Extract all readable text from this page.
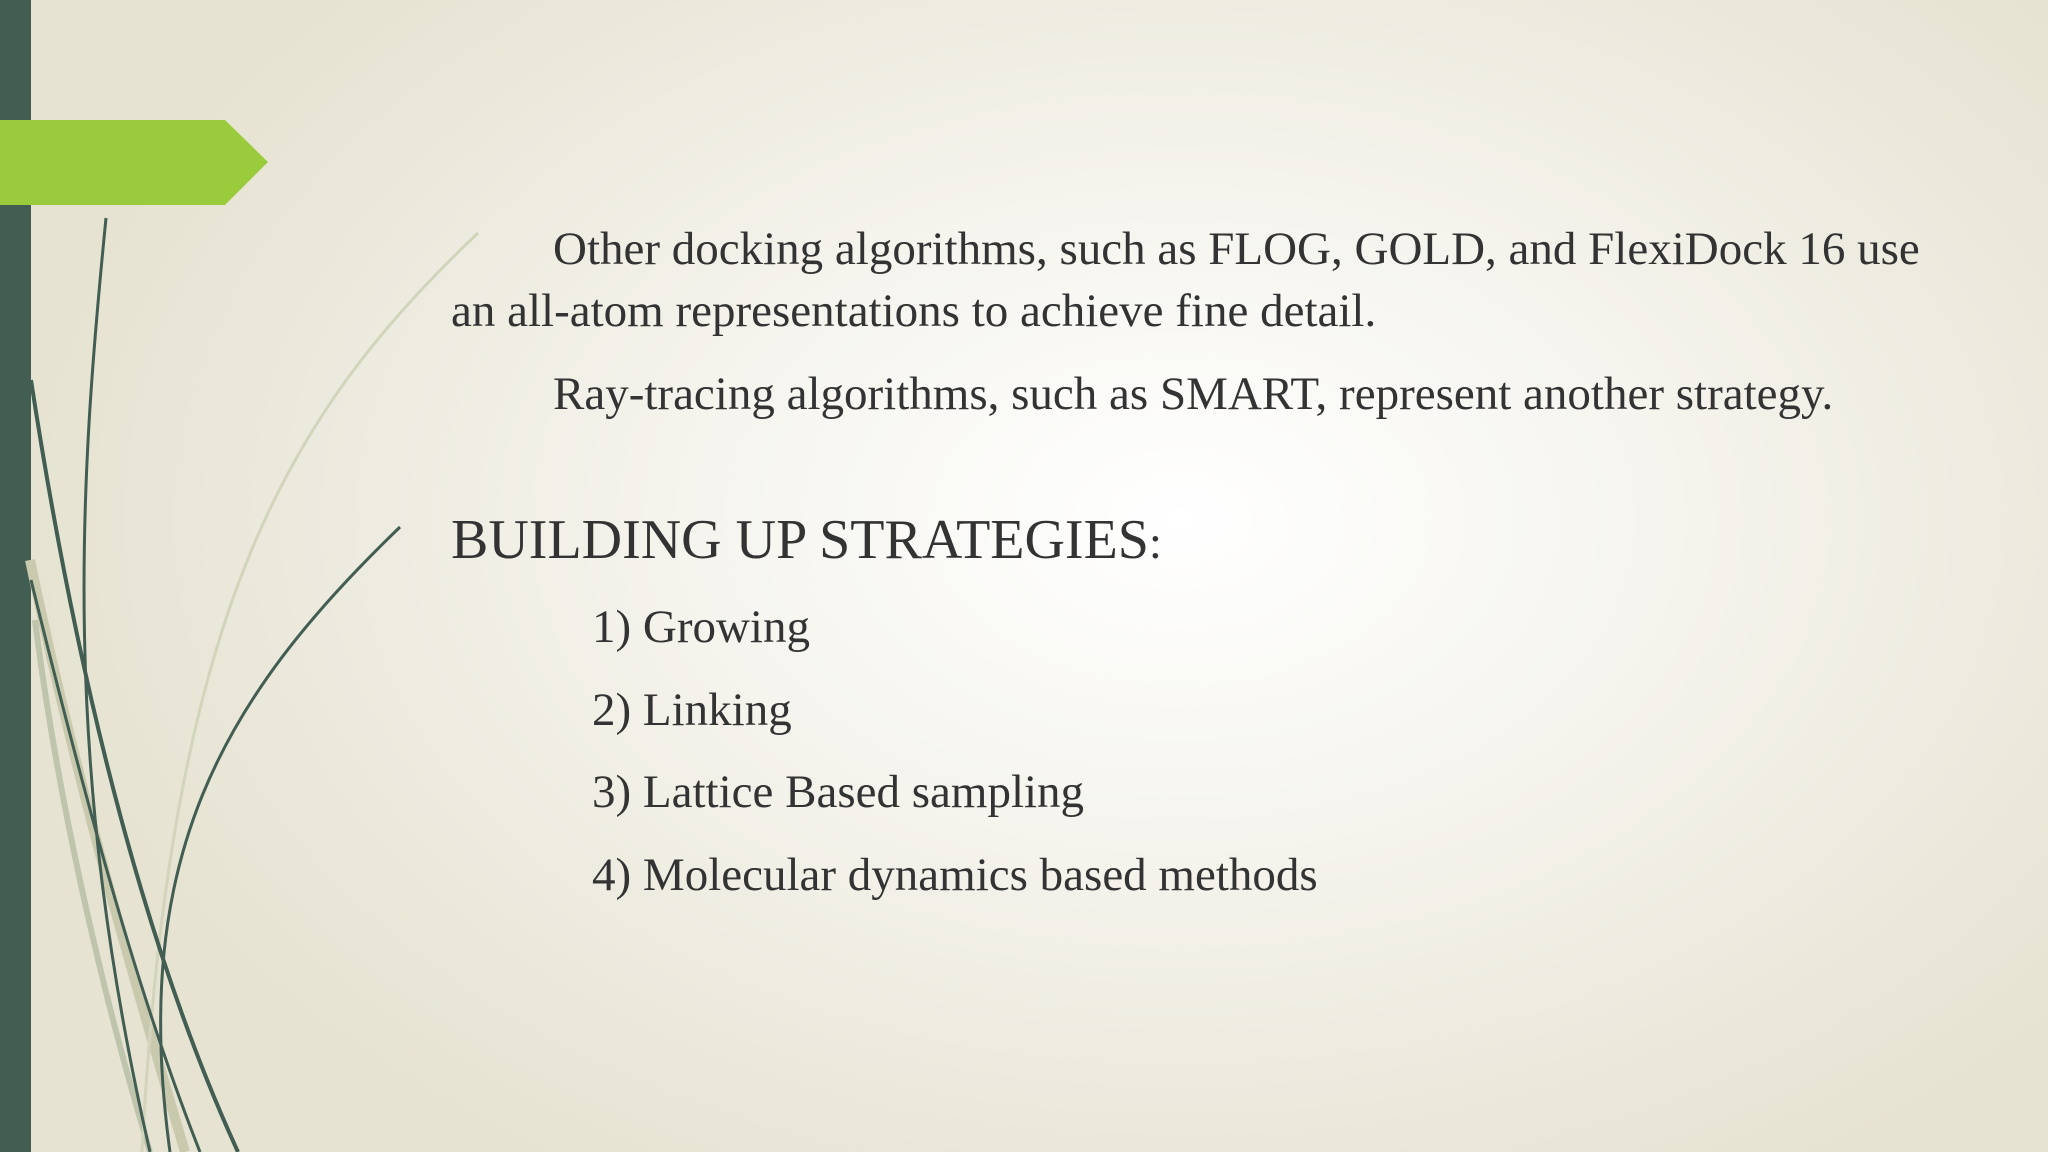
Other docking algorithms, such as FLOG, GOLD, and FlexiDock 16 use an all-atom representations to achieve fine detail.

Ray-tracing algorithms, such as SMART, represent another strategy.

BUILDING UP STRATEGIES:
1) Growing
2) Linking
3) Lattice Based sampling
4) Molecular dynamics based methods
